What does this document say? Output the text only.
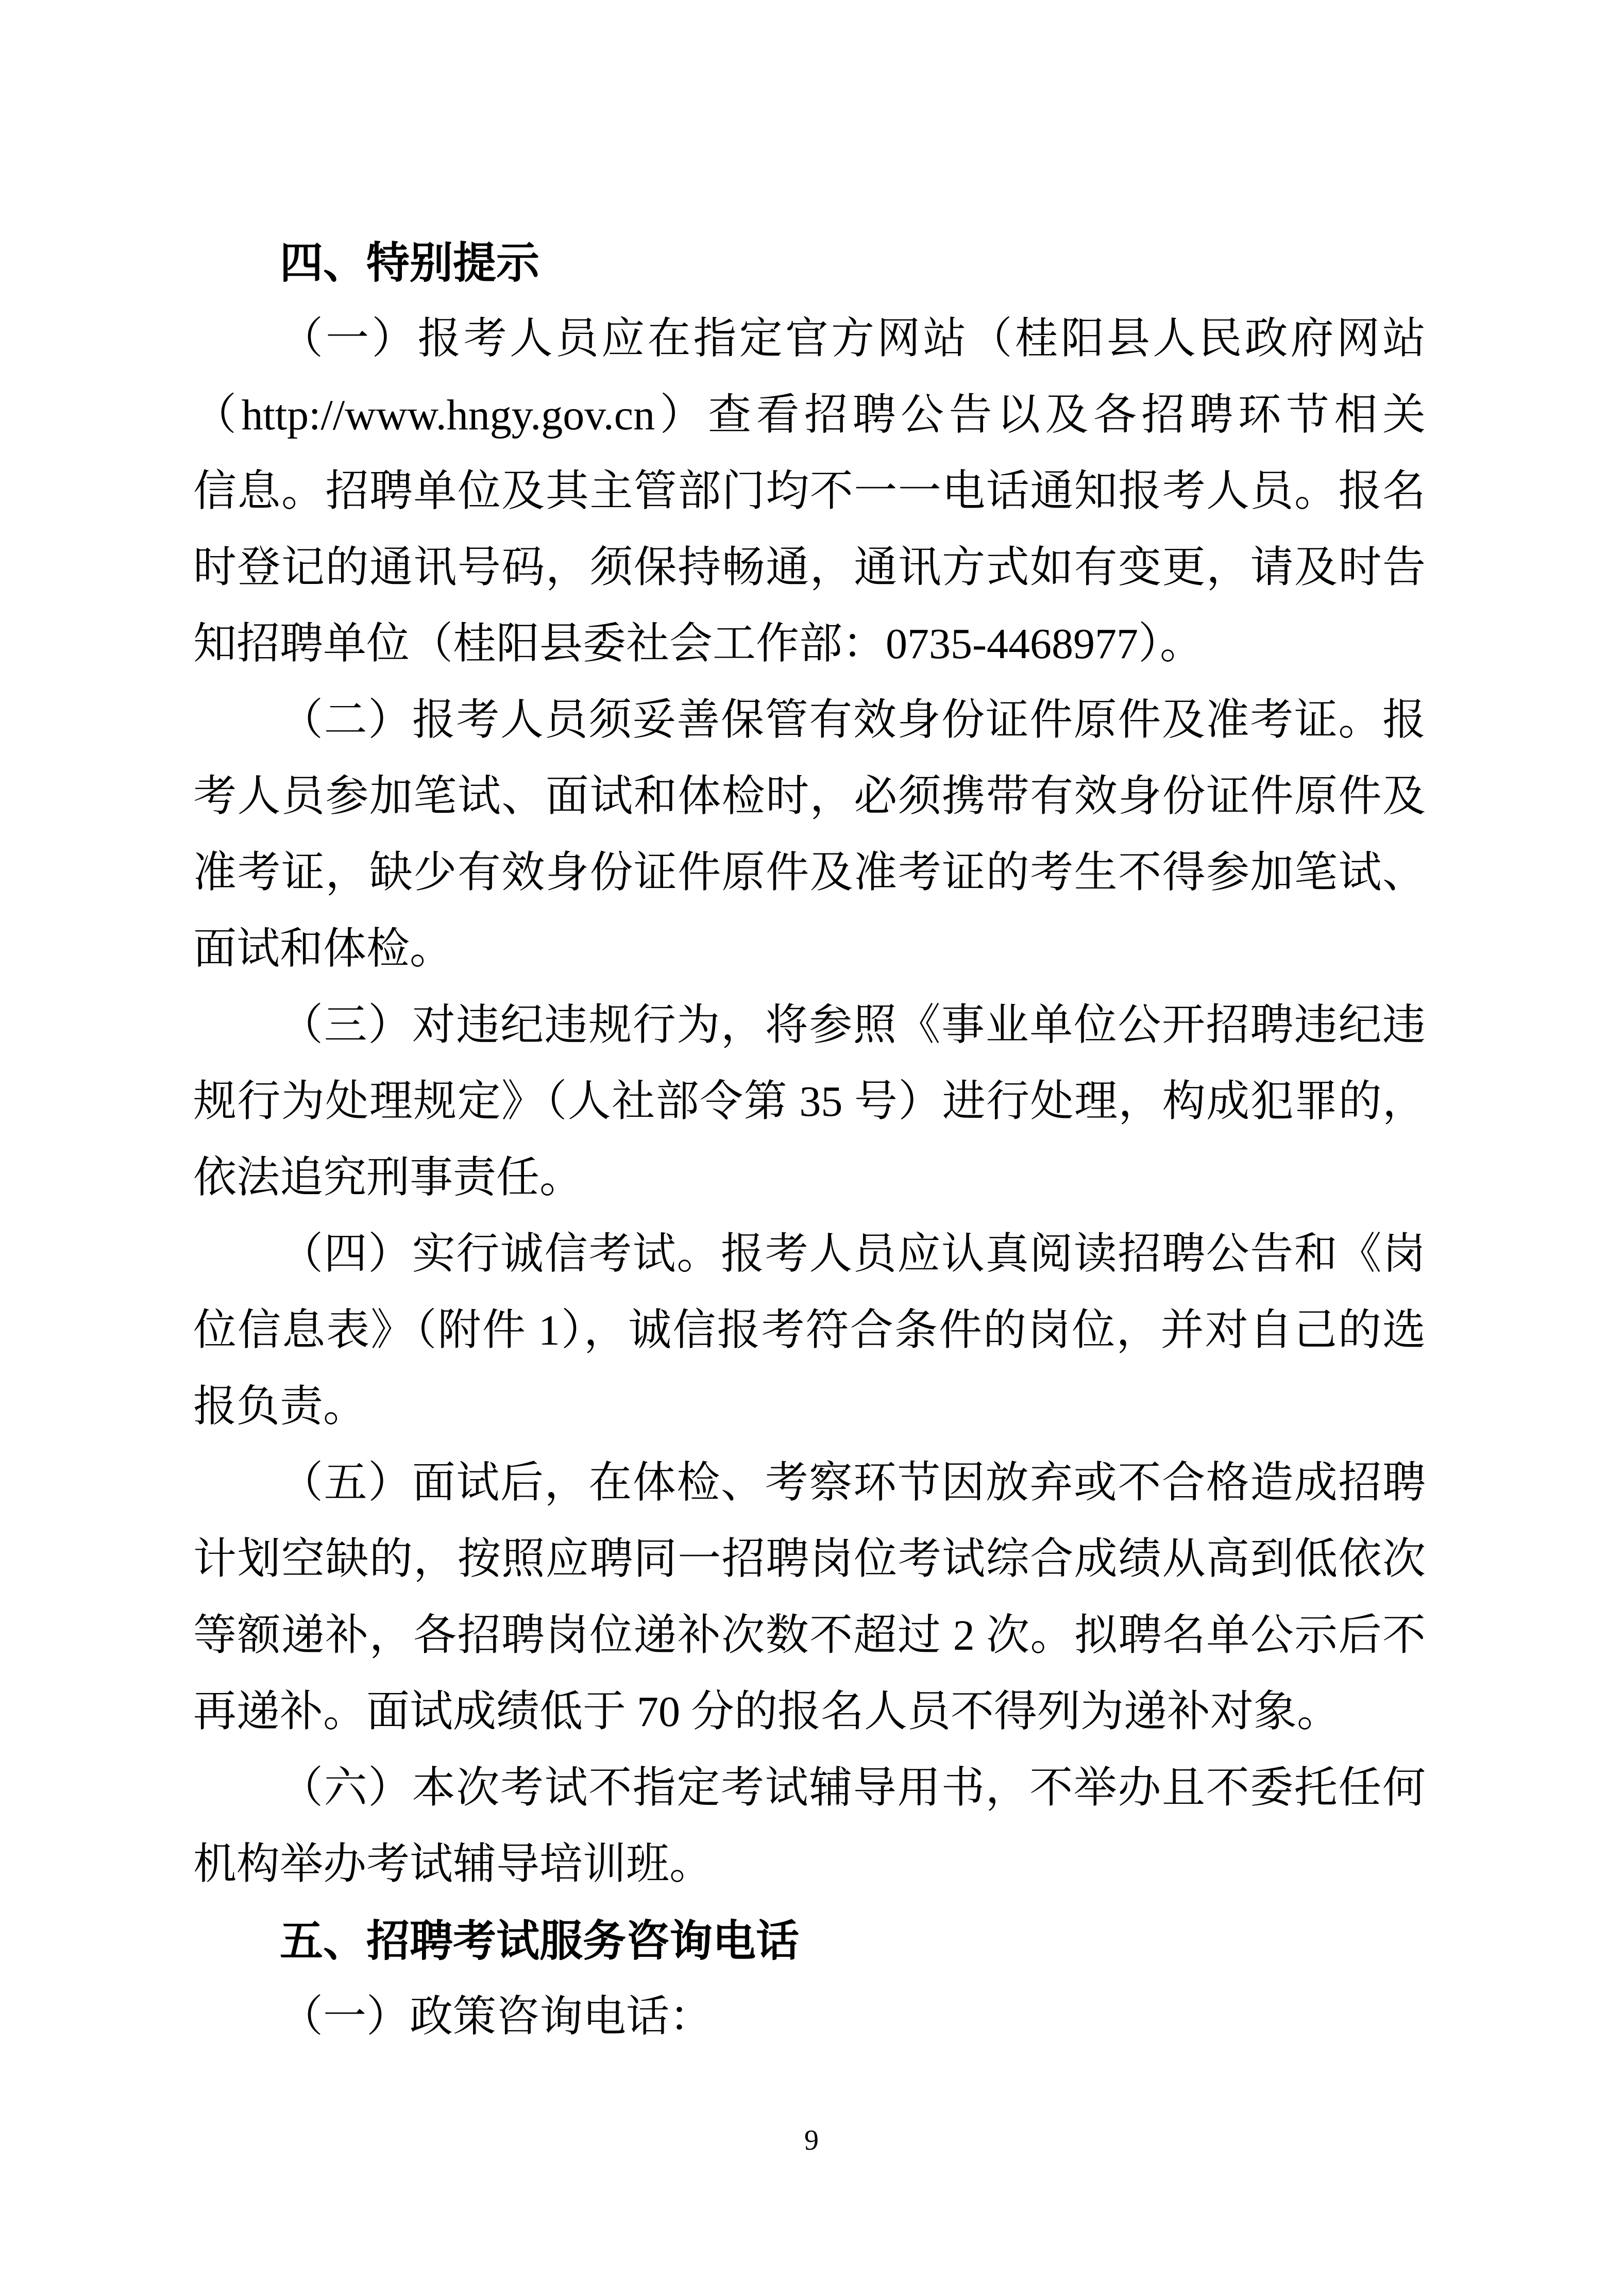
四、特别提示
（一）报考人员应在指定官方网站（桂阳县人民政府网站
（http://www.hngy.gov.cn）查看招聘公告以及各招聘环节相关
信息。招聘单位及其主管部门均不一一电话通知报考人员。报名
时登记的通讯号码，须保持畅通，通讯方式如有变更，请及时告
知招聘单位（桂阳县委社会工作部：0735-4468977）。
（二）报考人员须妥善保管有效身份证件原件及准考证。报
考人员参加笔试、面试和体检时，必须携带有效身份证件原件及
准考证，缺少有效身份证件原件及准考证的考生不得参加笔试、
面试和体检。
（三）对违纪违规行为，将参照《事业单位公开招聘违纪违
规行为处理规定》（人社部令第 35 号）进行处理，构成犯罪的，
依法追究刑事责任。
（四）实行诚信考试。报考人员应认真阅读招聘公告和《岗
位信息表》（附件 1），诚信报考符合条件的岗位，并对自己的选
报负责。
（五）面试后，在体检、考察环节因放弃或不合格造成招聘
计划空缺的，按照应聘同一招聘岗位考试综合成绩从高到低依次
等额递补，各招聘岗位递补次数不超过 2 次。拟聘名单公示后不
再递补。面试成绩低于 70 分的报名人员不得列为递补对象。
（六）本次考试不指定考试辅导用书，不举办且不委托任何
机构举办考试辅导培训班。
五、招聘考试服务咨询电话
（一）政策咨询电话：
9
